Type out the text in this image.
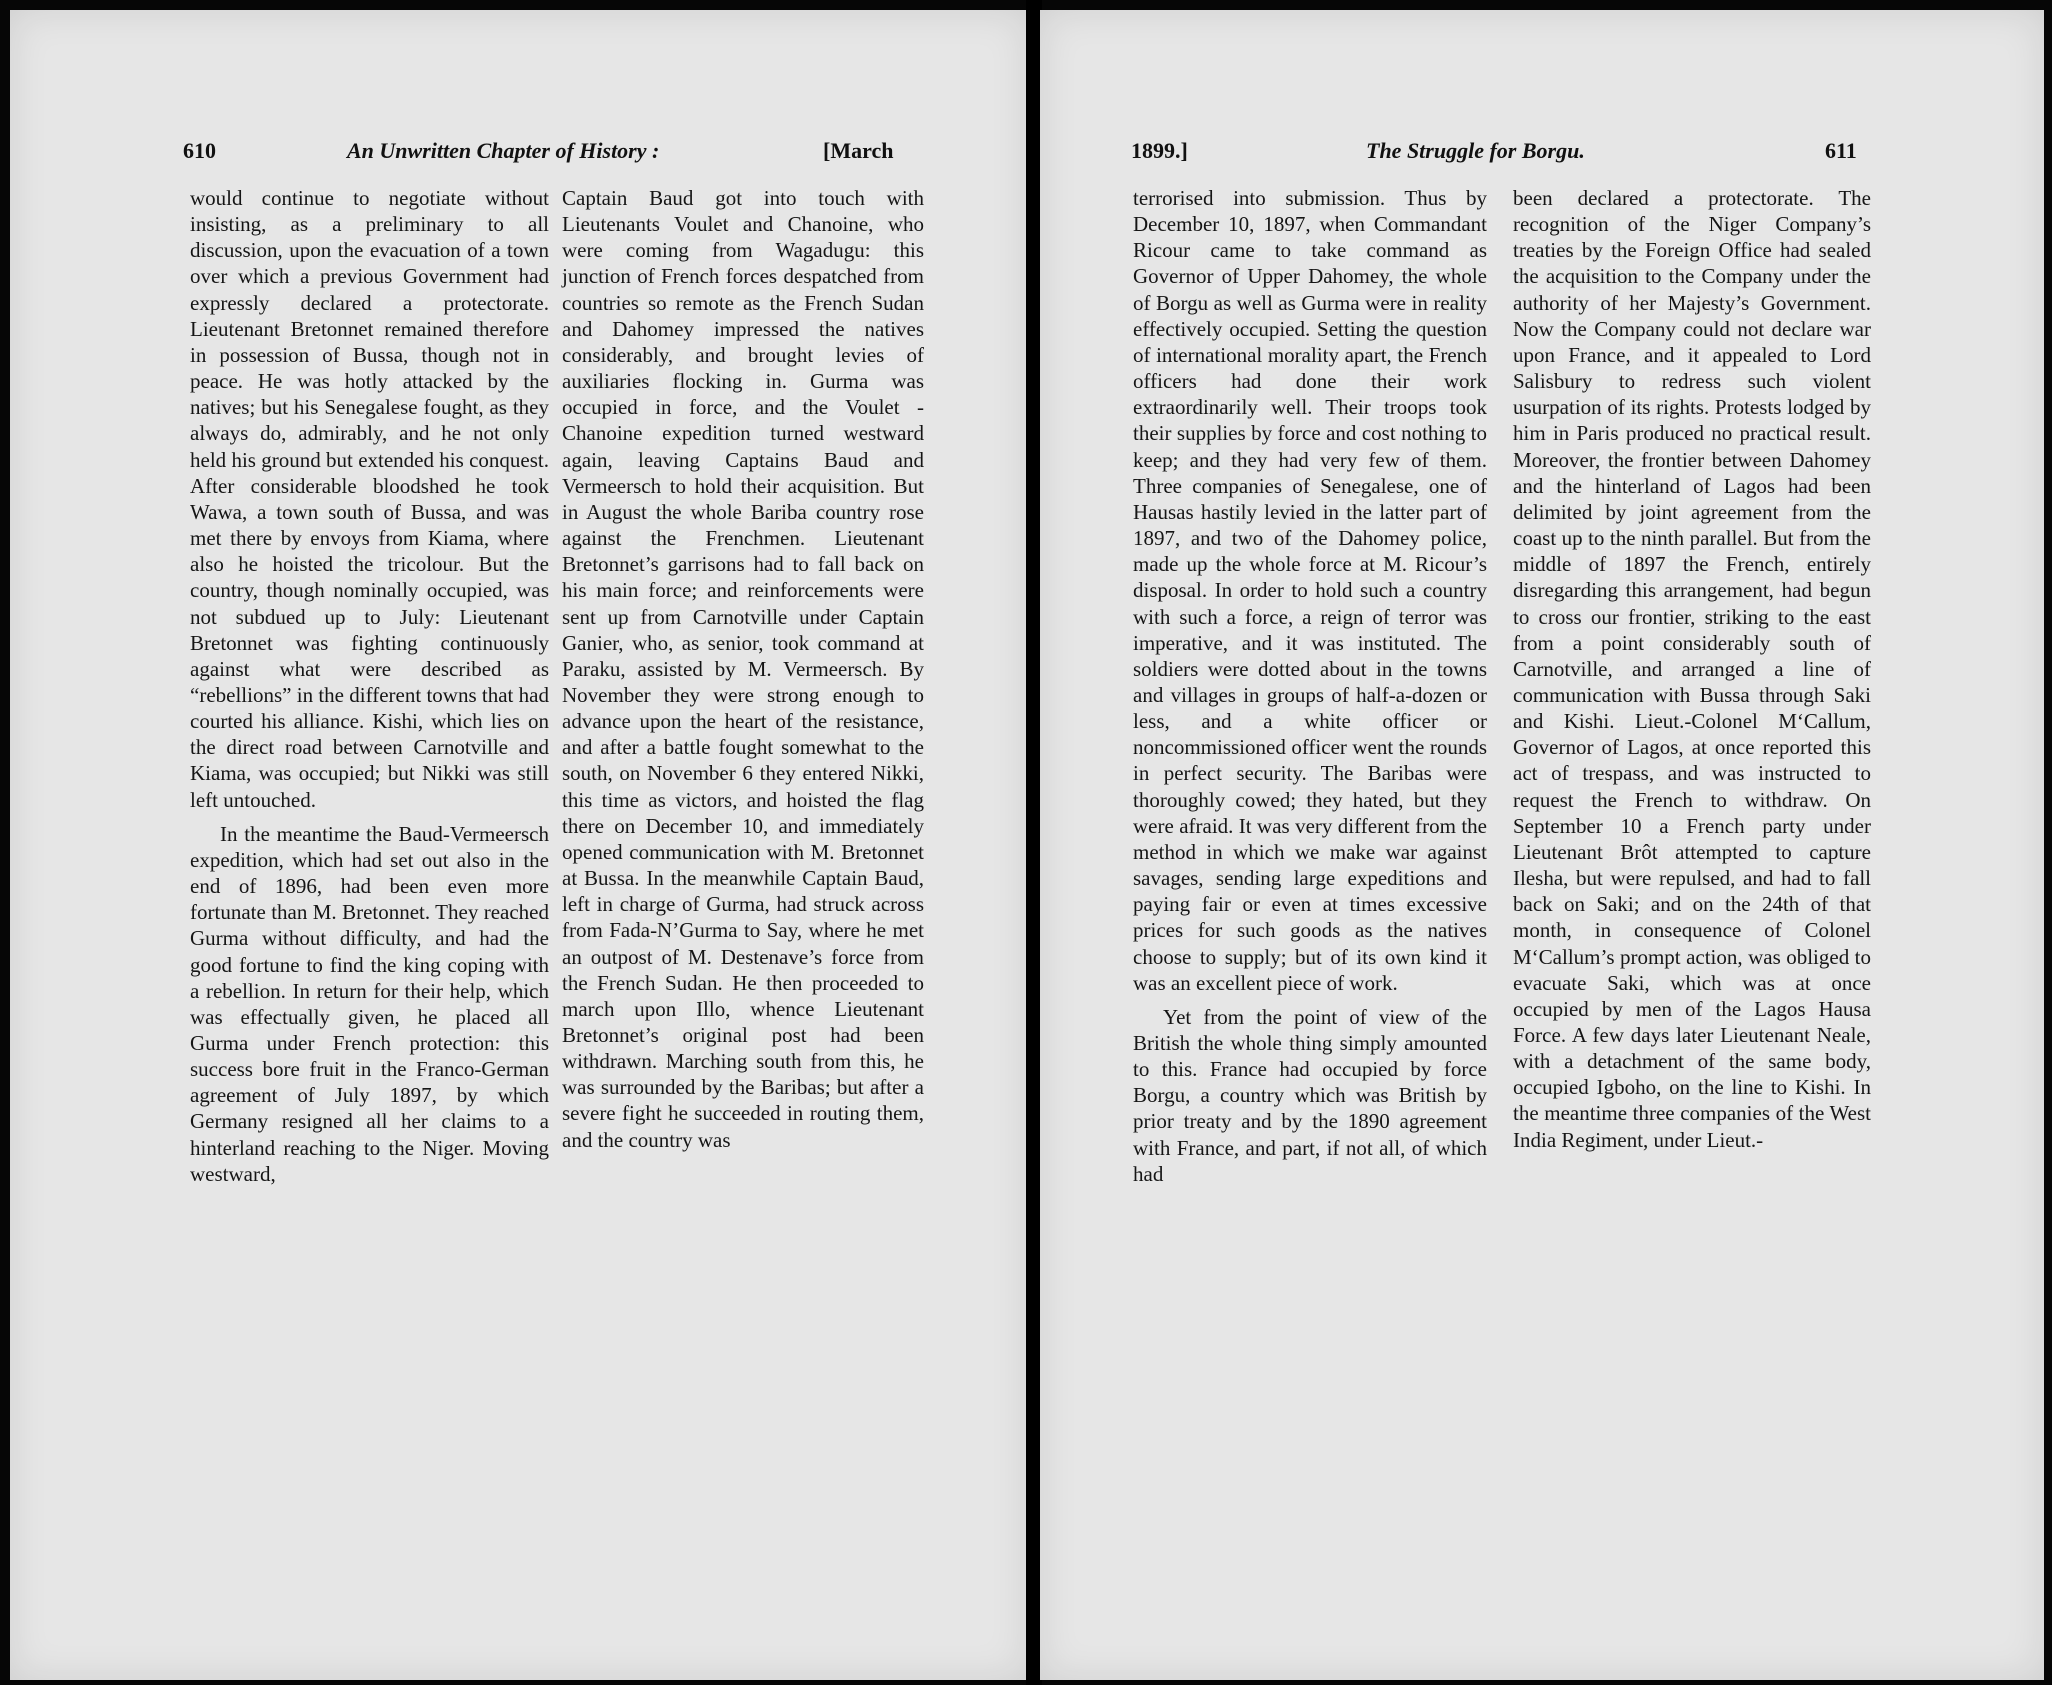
610	An Unwritten Chapter of History :	[March

would continue to negotiate without insisting, as a preliminary to all discussion, upon the evacuation of a town over which a previous Government had expressly declared a protectorate. Lieutenant Bretonnet remained therefore in possession of Bussa, though not in peace. He was hotly attacked by the natives; but his Senegalese fought, as they always do, admirably, and he not only held his ground but extended his conquest. After considerable bloodshed he took Wawa, a town south of Bussa, and was met there by envoys from Kiama, where also he hoisted the tricolour. But the country, though nominally occupied, was not subdued up to July: Lieutenant Bretonnet was fighting continuously against what were described as “rebellions” in the different towns that had courted his alliance. Kishi, which lies on the direct road between Carnotville and Kiama, was occupied; but Nikki was still left untouched.

In the meantime the Baud-Vermeersch expedition, which had set out also in the end of 1896, had been even more fortunate than M. Bretonnet. They reached Gurma without difficulty, and had the good fortune to find the king coping with a rebellion. In return for their help, which was effectually given, he placed all Gurma under French protection: this success bore fruit in the Franco-German agreement of July 1897, by which Germany resigned all her claims to a hinterland reaching to the Niger. Moving westward,

Captain Baud got into touch with Lieutenants Voulet and Chanoine, who were coming from Wagadugu: this junction of French forces despatched from countries so remote as the French Sudan and Dahomey impressed the natives considerably, and brought levies of auxiliaries flocking in. Gurma was occupied in force, and the Voulet - Chanoine expedition turned westward again, leaving Captains Baud and Vermeersch to hold their acquisition. But in August the whole Bariba country rose against the Frenchmen. Lieutenant Bretonnet’s garrisons had to fall back on his main force; and reinforcements were sent up from Carnotville under Captain Ganier, who, as senior, took command at Paraku, assisted by M. Vermeersch. By November they were strong enough to advance upon the heart of the resistance, and after a battle fought somewhat to the south, on November 6 they entered Nikki, this time as victors, and hoisted the flag there on December 10, and immediately opened communication with M. Bretonnet at Bussa. In the meanwhile Captain Baud, left in charge of Gurma, had struck across from Fada-N’Gurma to Say, where he met an outpost of M. Destenave’s force from the French Sudan. He then proceeded to march upon Illo, whence Lieutenant Bretonnet’s original post had been withdrawn. Marching south from this, he was surrounded by the Baribas; but after a severe fight he succeeded in routing them, and the country was

1899.]	The Struggle for Borgu.	611

terrorised into submission. Thus by December 10, 1897, when Commandant Ricour came to take command as Governor of Upper Dahomey, the whole of Borgu as well as Gurma were in reality effectively occupied. Setting the question of international morality apart, the French officers had done their work extraordinarily well. Their troops took their supplies by force and cost nothing to keep; and they had very few of them. Three companies of Senegalese, one of Hausas hastily levied in the latter part of 1897, and two of the Dahomey police, made up the whole force at M. Ricour’s disposal. In order to hold such a country with such a force, a reign of terror was imperative, and it was instituted. The soldiers were dotted about in the towns and villages in groups of half-a-dozen or less, and a white officer or noncommissioned officer went the rounds in perfect security. The Baribas were thoroughly cowed; they hated, but they were afraid. It was very different from the method in which we make war against savages, sending large expeditions and paying fair or even at times excessive prices for such goods as the natives choose to supply; but of its own kind it was an excellent piece of work.

Yet from the point of view of the British the whole thing simply amounted to this. France had occupied by force Borgu, a country which was British by prior treaty and by the 1890 agreement with France, and part, if not all, of which had

been declared a protectorate. The recognition of the Niger Company’s treaties by the Foreign Office had sealed the acquisition to the Company under the authority of her Majesty’s Government. Now the Company could not declare war upon France, and it appealed to Lord Salisbury to redress such violent usurpation of its rights. Protests lodged by him in Paris produced no practical result. Moreover, the frontier between Dahomey and the hinterland of Lagos had been delimited by joint agreement from the coast up to the ninth parallel. But from the middle of 1897 the French, entirely disregarding this arrangement, had begun to cross our frontier, striking to the east from a point considerably south of Carnotville, and arranged a line of communication with Bussa through Saki and Kishi. Lieut.-Colonel M‘Callum, Governor of Lagos, at once reported this act of trespass, and was instructed to request the French to withdraw. On September 10 a French party under Lieutenant Brôt attempted to capture Ilesha, but were repulsed, and had to fall back on Saki; and on the 24th of that month, in consequence of Colonel M‘Callum’s prompt action, was obliged to evacuate Saki, which was at once occupied by men of the Lagos Hausa Force. A few days later Lieutenant Neale, with a detachment of the same body, occupied Igboho, on the line to Kishi. In the meantime three companies of the West India Regiment, under Lieut.-
